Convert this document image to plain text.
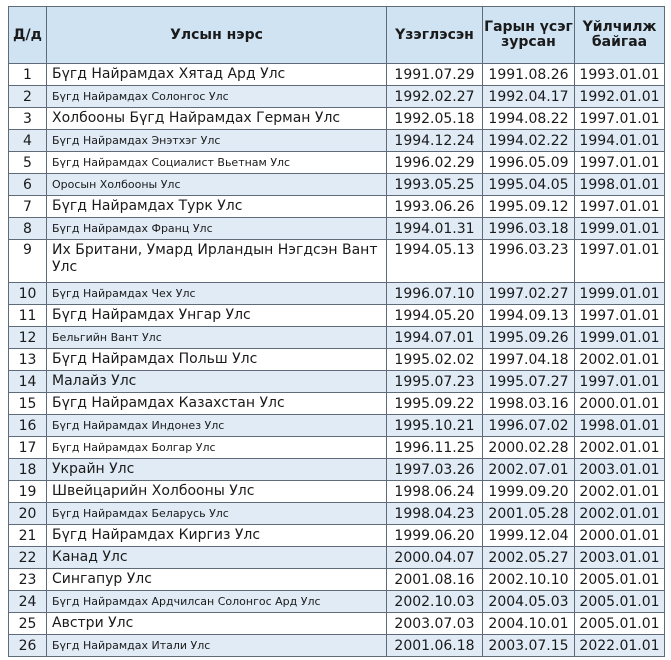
Д/д	Улсын нэрс	Үзэглэсэн	Гарын үсэг зурсан	Үйлчилж байгаа
1	Бүгд Найрамдах Хятад Ард Улс	1991.07.29	1991.08.26	1993.01.01
2	Бүгд Найрамдах Солонгос Улс	1992.02.27	1992.04.17	1992.01.01
3	Холбооны Бүгд Найрамдах Герман Улс	1992.05.18	1994.08.22	1997.01.01
4	Бүгд Найрамдах Энэтхэг Улс	1994.12.24	1994.02.22	1994.01.01
5	Бүгд Найрамдах Социалист Вьетнам Улс	1996.02.29	1996.05.09	1997.01.01
6	Оросын Холбооны Улс	1993.05.25	1995.04.05	1998.01.01
7	Бүгд Найрамдах Турк Улс	1993.06.26	1995.09.12	1997.01.01
8	Бүгд Найрамдах Франц Улс	1994.01.31	1996.03.18	1999.01.01
9	Их Британи, Умард Ирландын Нэгдсэн Вант Улс	1994.05.13	1996.03.23	1997.01.01
10	Бүгд Найрамдах Чех Улс	1996.07.10	1997.02.27	1999.01.01
11	Бүгд Найрамдах Унгар Улс	1994.05.20	1994.09.13	1997.01.01
12	Бельгийн Вант Улс	1994.07.01	1995.09.26	1999.01.01
13	Бүгд Найрамдах Польш Улс	1995.02.02	1997.04.18	2002.01.01
14	Малайз Улс	1995.07.23	1995.07.27	1997.01.01
15	Бүгд Найрамдах Казахстан Улс	1995.09.22	1998.03.16	2000.01.01
16	Бүгд Найрамдах Индонез Улс	1995.10.21	1996.07.02	1998.01.01
17	Бүгд Найрамдах Болгар Улс	1996.11.25	2000.02.28	2002.01.01
18	Украйн Улс	1997.03.26	2002.07.01	2003.01.01
19	Швейцарийн Холбооны Улс	1998.06.24	1999.09.20	2002.01.01
20	Бүгд Найрамдах Беларусь Улс	1998.04.23	2001.05.28	2002.01.01
21	Бүгд Найрамдах Киргиз Улс	1999.06.20	1999.12.04	2000.01.01
22	Канад Улс	2000.04.07	2002.05.27	2003.01.01
23	Сингапур Улс	2001.08.16	2002.10.10	2005.01.01
24	Бүгд Найрамдах Ардчилсан Солонгос Ард Улс	2002.10.03	2004.05.03	2005.01.01
25	Австри Улс	2003.07.03	2004.10.01	2005.01.01
26	Бүгд Найрамдах Итали Улс	2001.06.18	2003.07.15	2022.01.01
